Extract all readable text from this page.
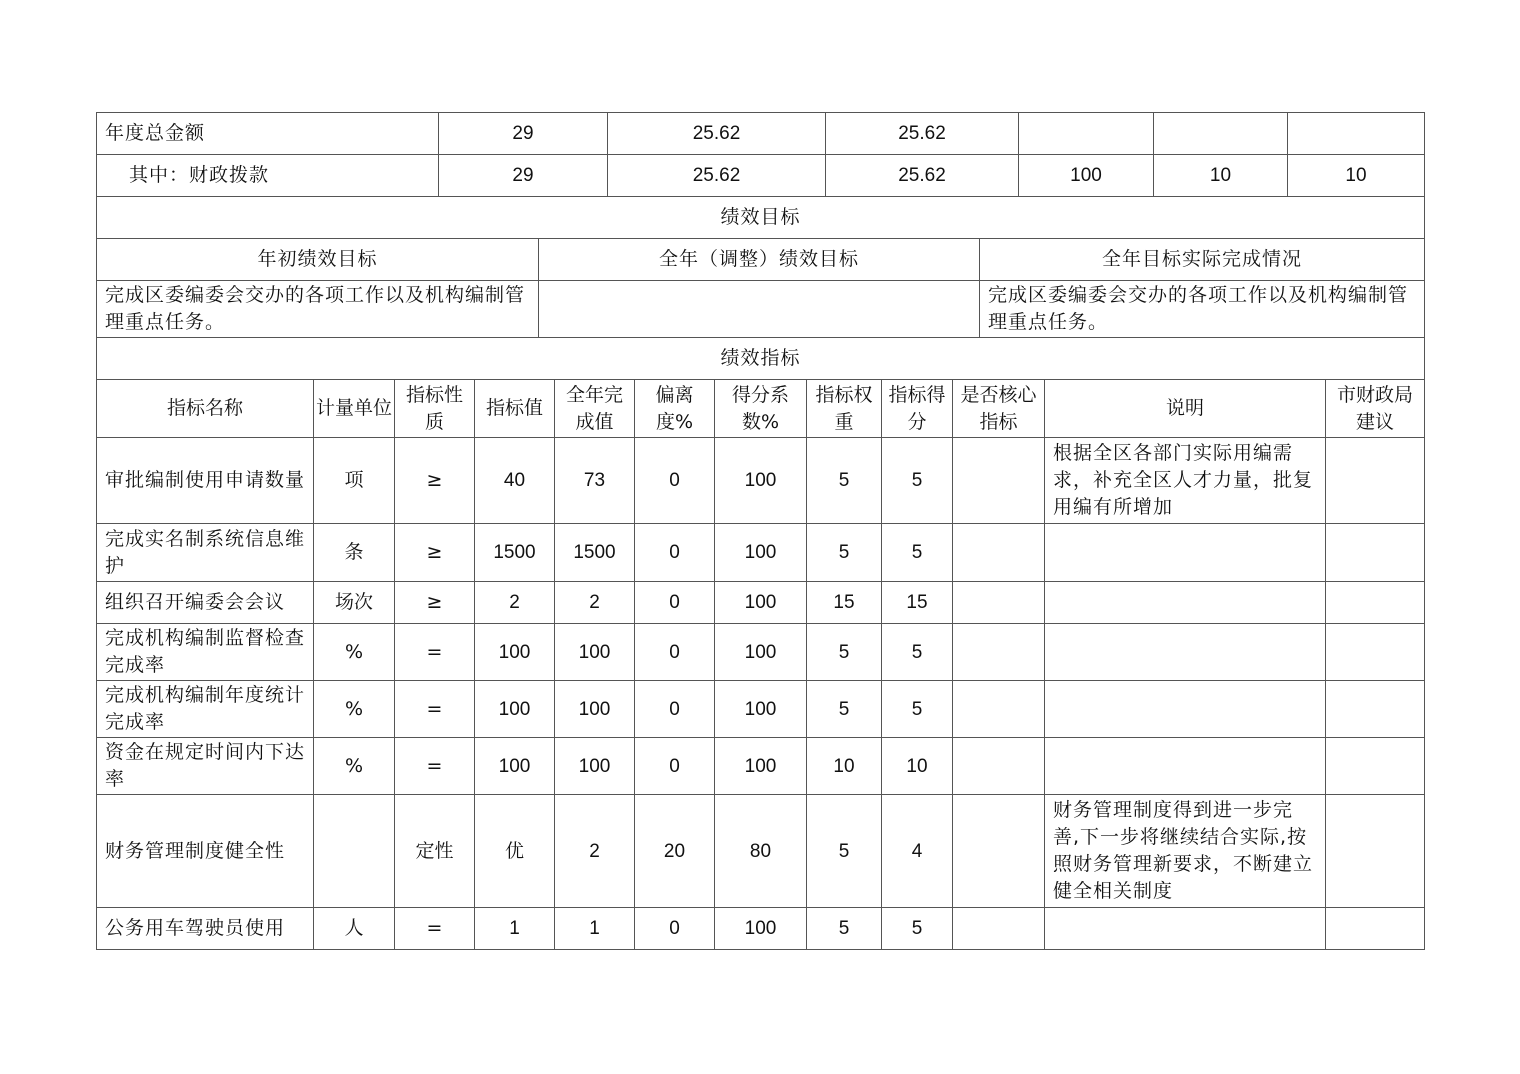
年度总金额	29	25.62	25.62			
其中：财政拨款	29	25.62	25.62	100	10	10
绩效目标		
年初绩效目标	全年（调整）绩效目标	全年目标实际完成情况
完成区委编委会交办的各项工作以及机构编制管理重点任务。		完成区委编委会交办的各项工作以及机构编制管理重点任务。
绩效指标		
指标名称	计量单位	指标性质	指标值	全年完成值	偏离度%	得分系数%	指标权重	指标得分	是否核心指标	说明	市财政局建议
审批编制使用申请数量	项	≥	40	73	0	100	5	5		根据全区各部门实际用编需求，补充全区人才力量，批复用编有所增加	
完成实名制系统信息维护	条	≥	1500	1500	0	100	5	5			
组织召开编委会会议	场次	≥	2	2	0	100	15	15			
完成机构编制监督检查完成率	%	=	100	100	0	100	5	5			
完成机构编制年度统计完成率	%	=	100	100	0	100	5	5			
资金在规定时间内下达率	%	=	100	100	0	100	10	10			
财务管理制度健全性		定性	优	2	20	80	5	4		财务管理制度得到进一步完善,下一步将继续结合实际,按照财务管理新要求，不断建立健全相关制度	
公务用车驾驶员使用	人	=	1	1	0	100	5	5			
